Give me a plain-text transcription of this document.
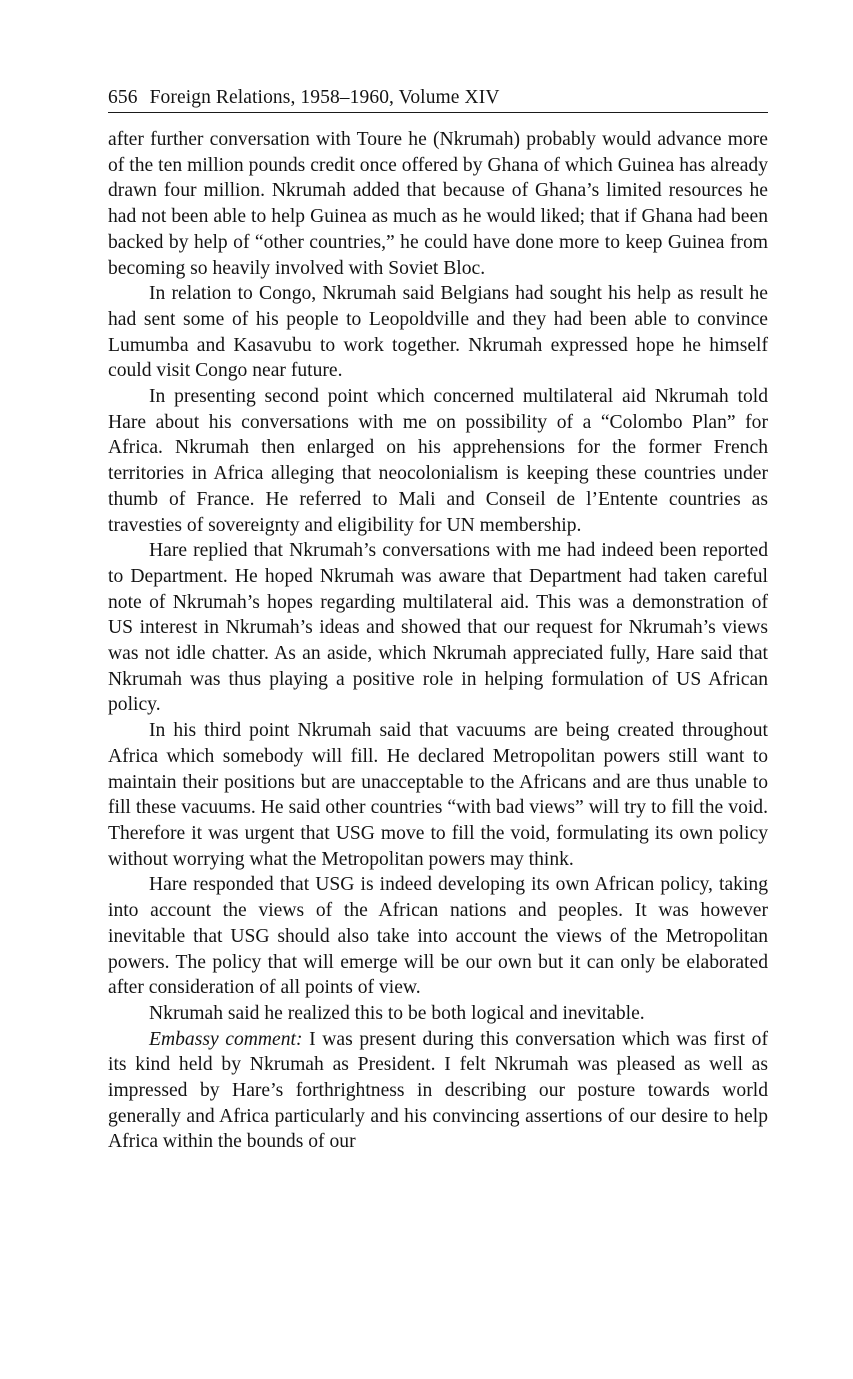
656 Foreign Relations, 1958–1960, Volume XIV

after further conversation with Toure he (Nkrumah) probably would advance more of the ten million pounds credit once offered by Ghana of which Guinea has already drawn four million. Nkrumah added that because of Ghana’s limited resources he had not been able to help Guinea as much as he would liked; that if Ghana had been backed by help of “other countries,” he could have done more to keep Guinea from becoming so heavily involved with Soviet Bloc.

In relation to Congo, Nkrumah said Belgians had sought his help as result he had sent some of his people to Leopoldville and they had been able to convince Lumumba and Kasavubu to work together. Nkrumah expressed hope he himself could visit Congo near future.

In presenting second point which concerned multilateral aid Nkrumah told Hare about his conversations with me on possibility of a “Colombo Plan” for Africa. Nkrumah then enlarged on his apprehensions for the former French territories in Africa alleging that neocolonialism is keeping these countries under thumb of France. He referred to Mali and Conseil de l’Entente countries as travesties of sovereignty and eligibility for UN membership.

Hare replied that Nkrumah’s conversations with me had indeed been reported to Department. He hoped Nkrumah was aware that Department had taken careful note of Nkrumah’s hopes regarding multilateral aid. This was a demonstration of US interest in Nkrumah’s ideas and showed that our request for Nkrumah’s views was not idle chatter. As an aside, which Nkrumah appreciated fully, Hare said that Nkrumah was thus playing a positive role in helping formulation of US African policy.

In his third point Nkrumah said that vacuums are being created throughout Africa which somebody will fill. He declared Metropolitan powers still want to maintain their positions but are unacceptable to the Africans and are thus unable to fill these vacuums. He said other countries “with bad views” will try to fill the void. Therefore it was urgent that USG move to fill the void, formulating its own policy without worrying what the Metropolitan powers may think.

Hare responded that USG is indeed developing its own African policy, taking into account the views of the African nations and peoples. It was however inevitable that USG should also take into account the views of the Metropolitan powers. The policy that will emerge will be our own but it can only be elaborated after consideration of all points of view.

Nkrumah said he realized this to be both logical and inevitable.

Embassy comment: I was present during this conversation which was first of its kind held by Nkrumah as President. I felt Nkrumah was pleased as well as impressed by Hare’s forthrightness in describing our posture towards world generally and Africa particularly and his convincing assertions of our desire to help Africa within the bounds of our
